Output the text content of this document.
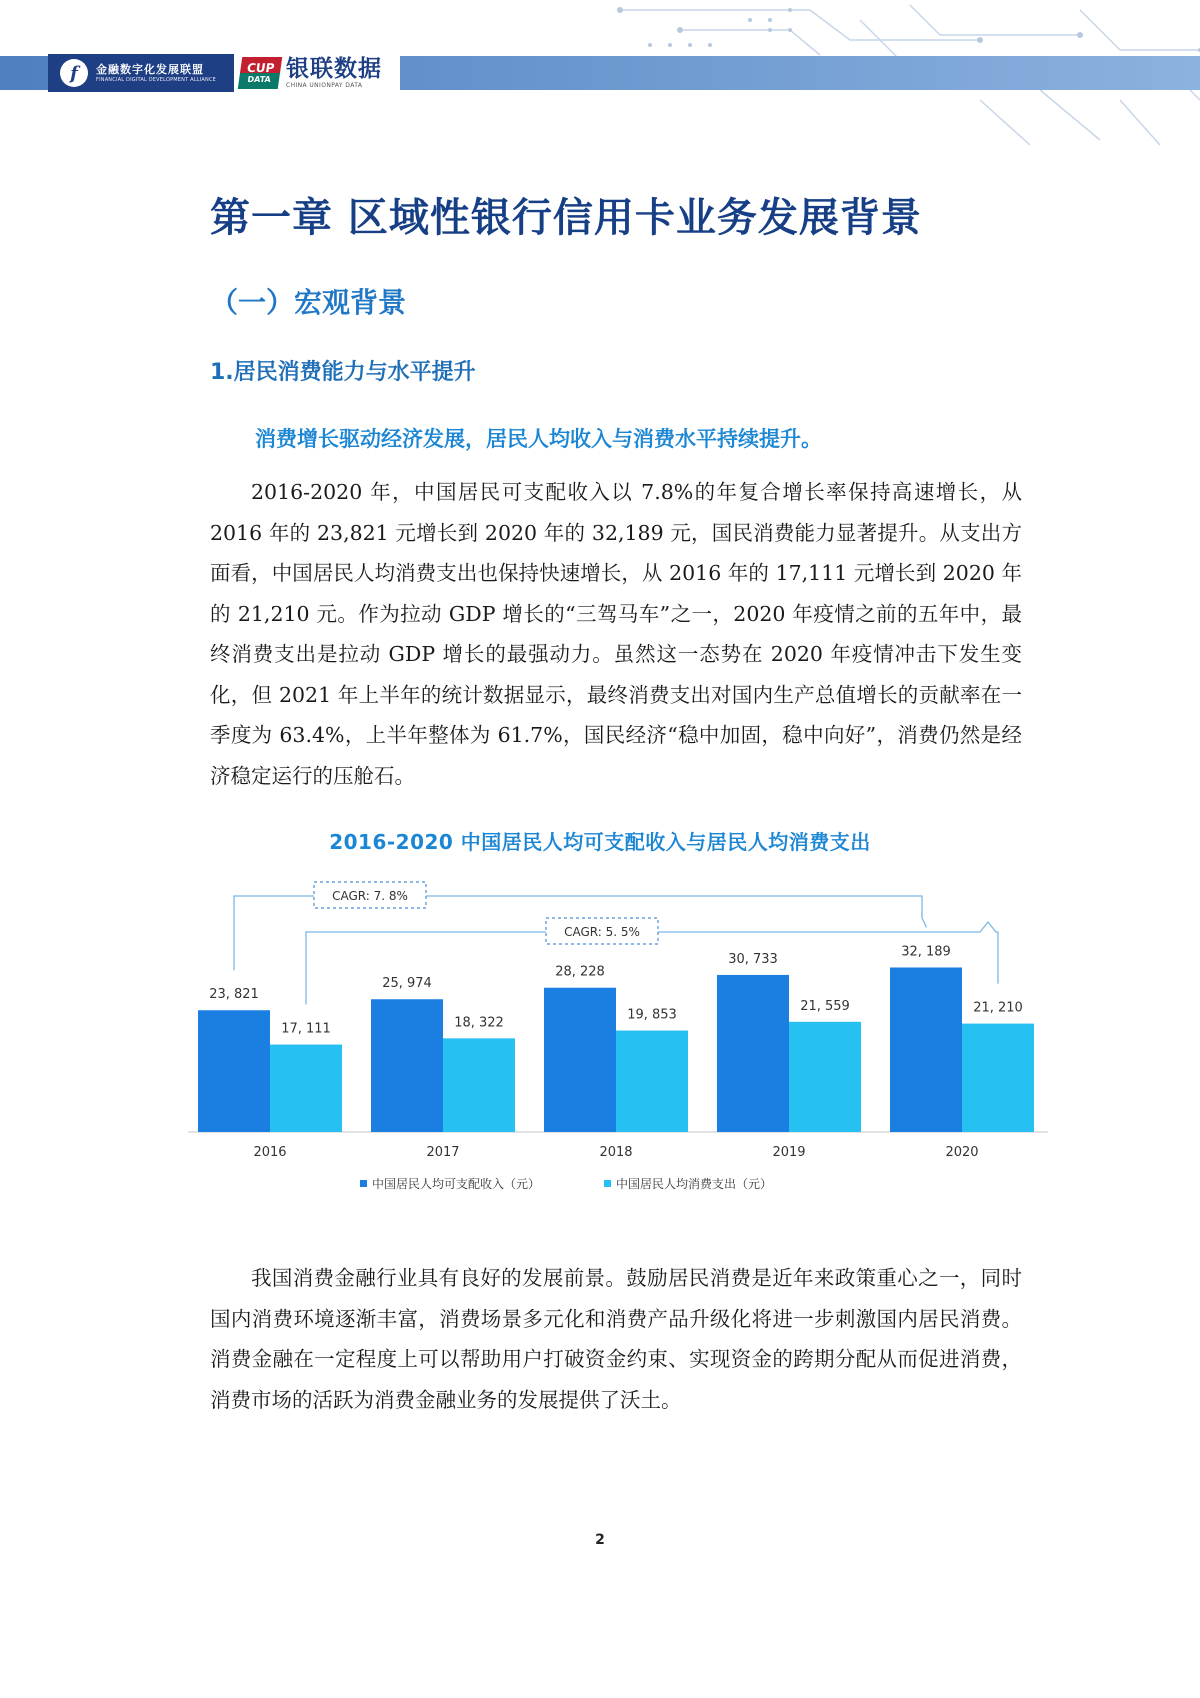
f	金融数字化发展联盟
FINANCIAL DIGITAL DEVELOPMENT ALLIANCE
CUP
DATA 银联数据
CHINA UNIONPAY DATA
第一章 区域性银行信用卡业务发展背景
（一）宏观背景
1.居民消费能力与水平提升
消费增长驱动经济发展，居民人均收入与消费水平持续提升。
2016-2020 年，中国居民可支配收入以 7.8%的年复合增长率保持高速增长，从 2016 年的 23,821 元增长到 2020 年的 32,189 元，国民消费能力显著提升。从支出方面看，中国居民人均消费支出也保持快速增长，从 2016 年的 17,111 元增长到 2020 年的 21,210 元。作为拉动 GDP 增长的“三驾马车”之一，2020 年疫情之前的五年中，最终消费支出是拉动 GDP 增长的最强动力。虽然这一态势在 2020 年疫情冲击下发生变化，但 2021 年上半年的统计数据显示，最终消费支出对国内生产总值增长的贡献率在一季度为 63.4%，上半年整体为 61.7%，国民经济“稳中加固，稳中向好”，消费仍然是经济稳定运行的压舱石。
2016-2020 中国居民人均可支配收入与居民人均消费支出
23, 821
17, 111
2016
25, 974
18, 322
2017
28, 228
19, 853
2018
30, 733
21, 559
2019
32, 189
21, 210
2020
CAGR: 7. 8%
CAGR: 5. 5%
中国居民人均可支配收入（元）	中国居民人均消费支出（元）
我国消费金融行业具有良好的发展前景。鼓励居民消费是近年来政策重心之一，同时国内消费环境逐渐丰富，消费场景多元化和消费产品升级化将进一步刺激国内居民消费。消费金融在一定程度上可以帮助用户打破资金约束、实现资金的跨期分配从而促进消费，消费市场的活跃为消费金融业务的发展提供了沃土。
2
